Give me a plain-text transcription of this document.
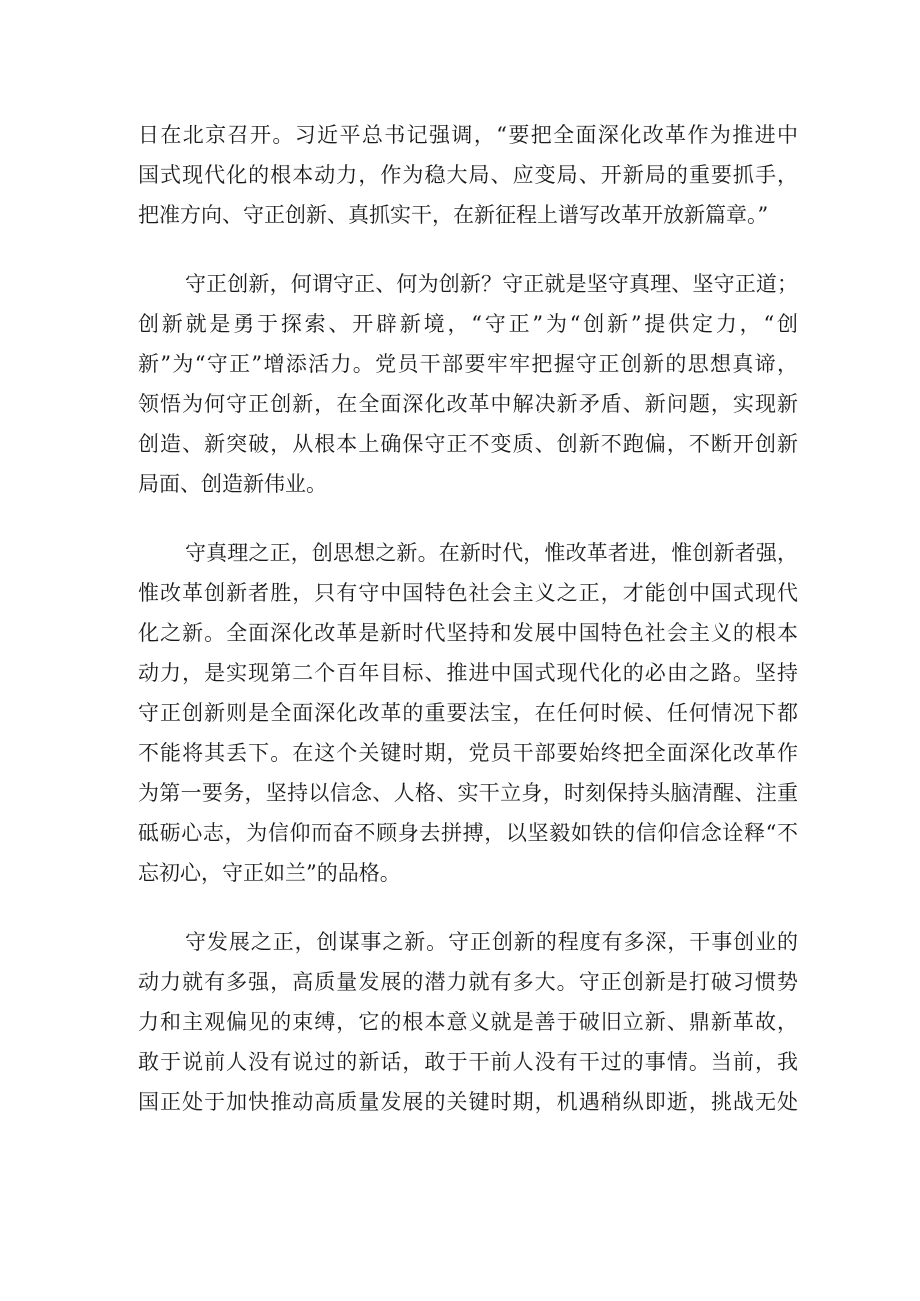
日在北京召开。习近平总书记强调，“要把全面深化改革作为推进中
国式现代化的根本动力，作为稳大局、应变局、开新局的重要抓手，
把准方向、守正创新、真抓实干，在新征程上谱写改革开放新篇章。”
守正创新，何谓守正、何为创新？守正就是坚守真理、坚守正道；
创新就是勇于探索、开辟新境，“守正”为“创新”提供定力，“创
新”为“守正”增添活力。党员干部要牢牢把握守正创新的思想真谛，
领悟为何守正创新，在全面深化改革中解决新矛盾、新问题，实现新
创造、新突破，从根本上确保守正不变质、创新不跑偏，不断开创新
局面、创造新伟业。
守真理之正，创思想之新。在新时代，惟改革者进，惟创新者强，
惟改革创新者胜，只有守中国特色社会主义之正，才能创中国式现代
化之新。全面深化改革是新时代坚持和发展中国特色社会主义的根本
动力，是实现第二个百年目标、推进中国式现代化的必由之路。坚持
守正创新则是全面深化改革的重要法宝，在任何时候、任何情况下都
不能将其丢下。在这个关键时期，党员干部要始终把全面深化改革作
为第一要务，坚持以信念、人格、实干立身，时刻保持头脑清醒、注重
砥砺心志，为信仰而奋不顾身去拼搏，以坚毅如铁的信仰信念诠释“不
忘初心，守正如兰”的品格。
守发展之正，创谋事之新。守正创新的程度有多深，干事创业的
动力就有多强，高质量发展的潜力就有多大。守正创新是打破习惯势
力和主观偏见的束缚，它的根本意义就是善于破旧立新、鼎新革故，
敢于说前人没有说过的新话，敢于干前人没有干过的事情。当前，我
国正处于加快推动高质量发展的关键时期，机遇稍纵即逝，挑战无处
